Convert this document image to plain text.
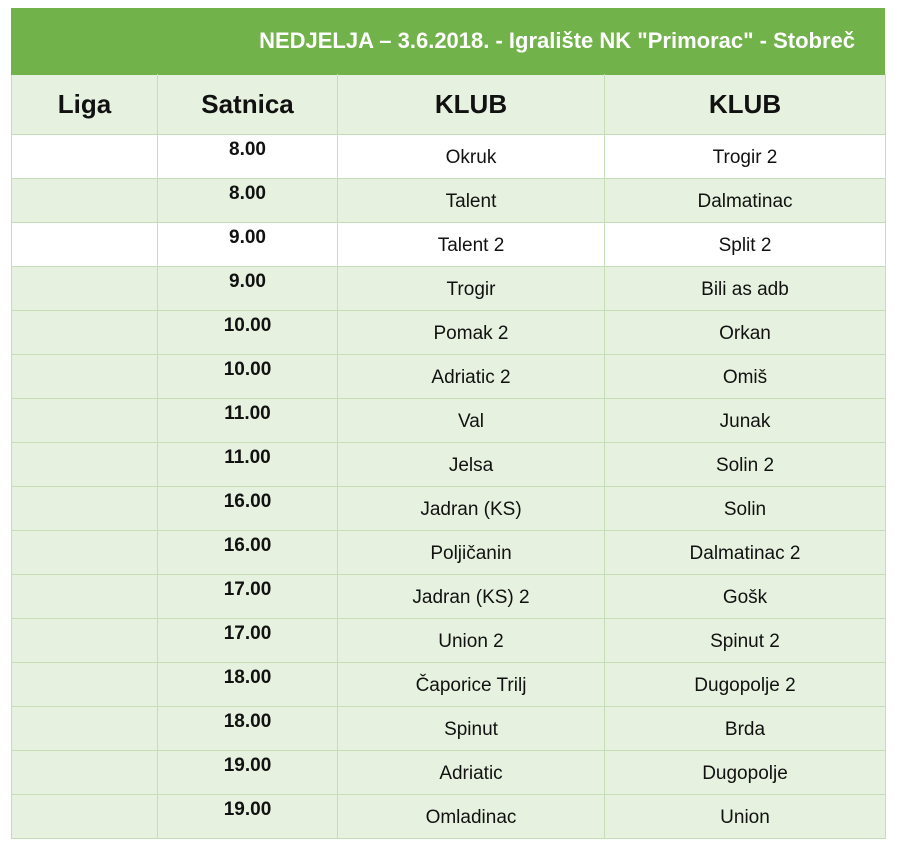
NEDJELJA – 3.6.2018. - Igralište NK "Primorac" - Stobreč
Liga	Satnica	KLUB	KLUB
	8.00	Okruk	Trogir 2
	8.00	Talent	Dalmatinac
	9.00	Talent 2	Split 2
	9.00	Trogir	Bili as adb
	10.00	Pomak 2	Orkan
	10.00	Adriatic 2	Omiš
	11.00	Val	Junak
	11.00	Jelsa	Solin 2
	16.00	Jadran (KS)	Solin
	16.00	Poljičanin	Dalmatinac 2
	17.00	Jadran (KS) 2	Gošk
	17.00	Union 2	Spinut 2
	18.00	Čaporice Trilj	Dugopolje 2
	18.00	Spinut	Brda
	19.00	Adriatic	Dugopolje
	19.00	Omladinac	Union
